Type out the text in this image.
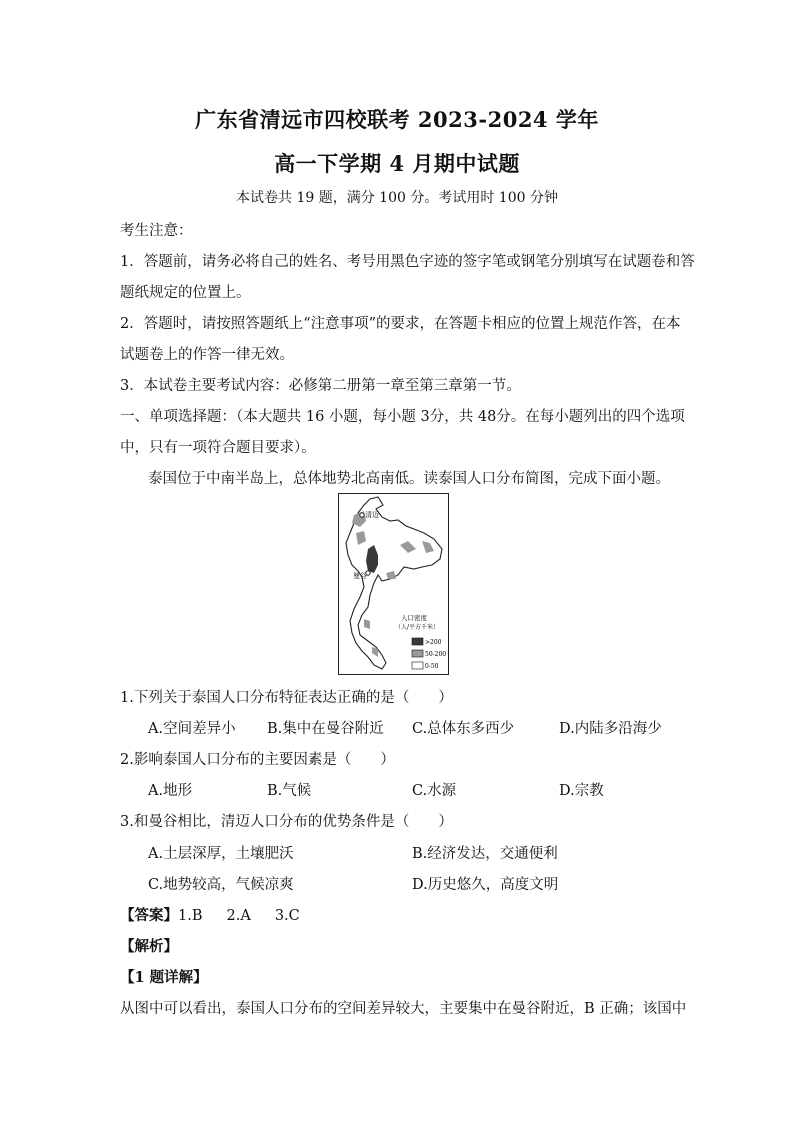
广东省清远市四校联考 2023-2024 学年
高一下学期 4 月期中试题
本试卷共 19 题，满分 100 分。考试用时 100 分钟
考生注意：
1．答题前，请务必将自己的姓名、考号用黑色字迹的签字笔或钢笔分别填写在试题卷和答
题纸规定的位置上。
2．答题时，请按照答题纸上“注意事项”的要求，在答题卡相应的位置上规范作答，在本
试题卷上的作答一律无效。
3．本试卷主要考试内容：必修第二册第一章至第三章第一节。
一、单项选择题：（本大题共 16 小题，每小题 3分，共 48分。在每小题列出的四个选项
中，只有一项符合题目要求）。
泰国位于中南半岛上，总体地势北高南低。读泰国人口分布简图，完成下面小题。
清迈
曼谷
人口密度
（人/平方千米）
>200
50-200
0-50
1.下列关于泰国人口分布特征表达正确的是（　　）
A.空间差异小 B.集中在曼谷附近 C.总体东多西少	D.内陆多沿海少
2.影响泰国人口分布的主要因素是（　　）
A.地形	B.气候	C.水源	D.宗教
3.和曼谷相比，清迈人口分布的优势条件是（　　）
A.土层深厚，土壤肥沃	B.经济发达，交通便利
C.地势较高，气候凉爽	D.历史悠久，高度文明
【答案】1.B 2.A 3.C
【解析】
【1 题详解】
从图中可以看出，泰国人口分布的空间差异较大，主要集中在曼谷附近，B 正确；该国中
